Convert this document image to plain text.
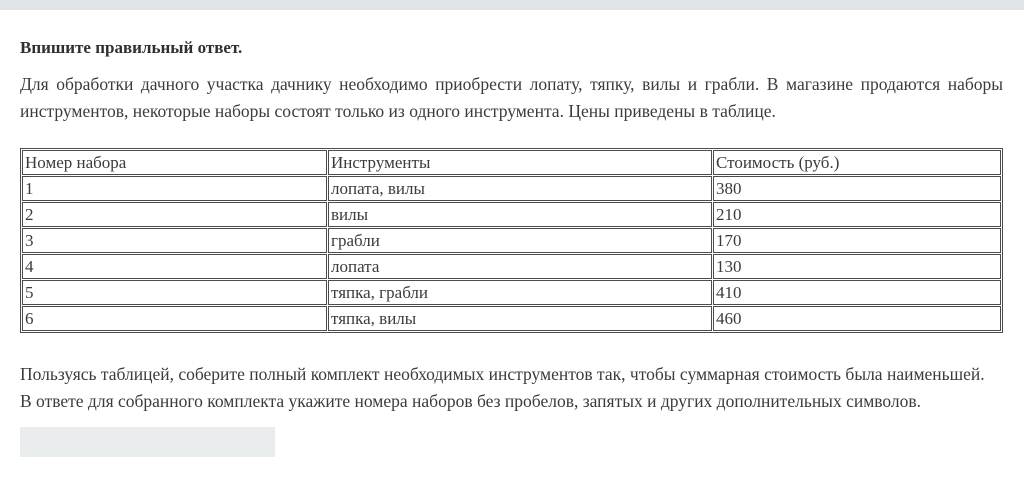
Впишите правильный ответ.

Для обработки дачного участка дачнику необходимо приобрести лопату, тяпку, вилы и грабли. В магазине продаются наборы инструментов, некоторые наборы состоят только из одного инструмента. Цены приведены в таблице.

Номер набора	Инструменты	Стоимость (руб.)
1	лопата, вилы	380
2	вилы	210
3	грабли	170
4	лопата	130
5	тяпка, грабли	410
6	тяпка, вилы	460

Пользуясь таблицей, соберите полный комплект необходимых инструментов так, чтобы суммарная стоимость была наименьшей.

В ответе для собранного комплекта укажите номера наборов без пробелов, запятых и других дополнительных символов.
